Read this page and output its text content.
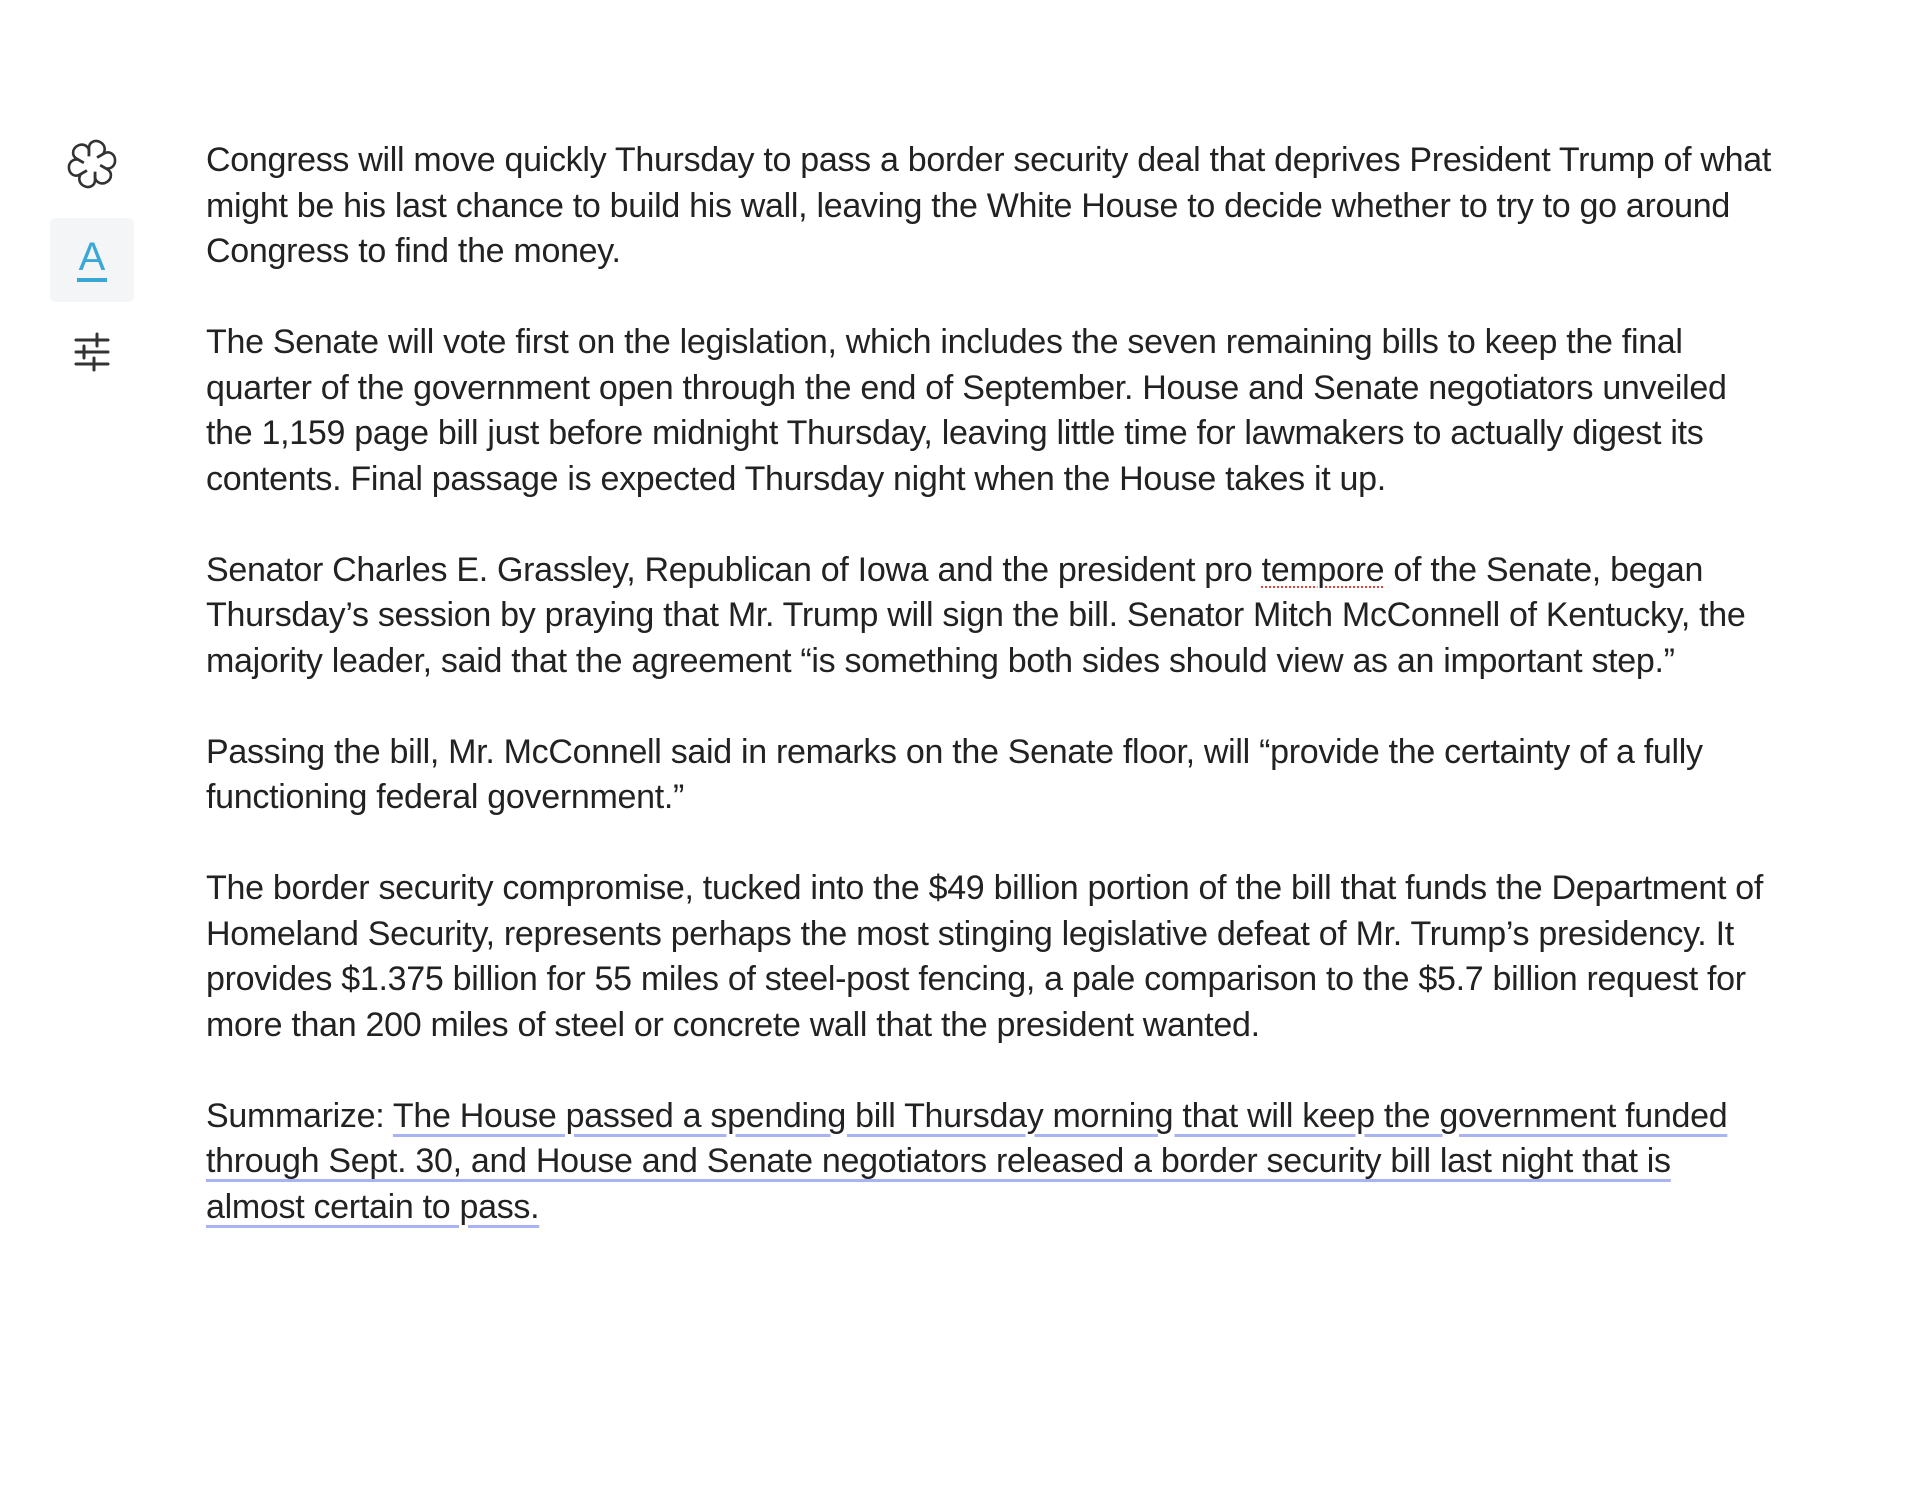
A

Congress will move quickly Thursday to pass a border security deal that deprives President Trump of what might be his last chance to build his wall, leaving the White House to decide whether to try to go around Congress to find the money.

The Senate will vote first on the legislation, which includes the seven remaining bills to keep the final quarter of the government open through the end of September. House and Senate negotiators unveiled the 1,159 page bill just before midnight Thursday, leaving little time for lawmakers to actually digest its contents. Final passage is expected Thursday night when the House takes it up.

Senator Charles E. Grassley, Republican of Iowa and the president pro tempore of the Senate, began Thursday’s session by praying that Mr. Trump will sign the bill. Senator Mitch McConnell of Kentucky, the majority leader, said that the agreement “is something both sides should view as an important step.”

Passing the bill, Mr. McConnell said in remarks on the Senate floor, will “provide the certainty of a fully functioning federal government.”

The border security compromise, tucked into the $49 billion portion of the bill that funds the Department of Homeland Security, represents perhaps the most stinging legislative defeat of Mr. Trump’s presidency. It provides $1.375 billion for 55 miles of steel-post fencing, a pale comparison to the $5.7 billion request for more than 200 miles of steel or concrete wall that the president wanted.

Summarize: The House passed a spending bill Thursday morning that will keep the government funded through Sept. 30, and House and Senate negotiators released a border security bill last night that is almost certain to pass.
